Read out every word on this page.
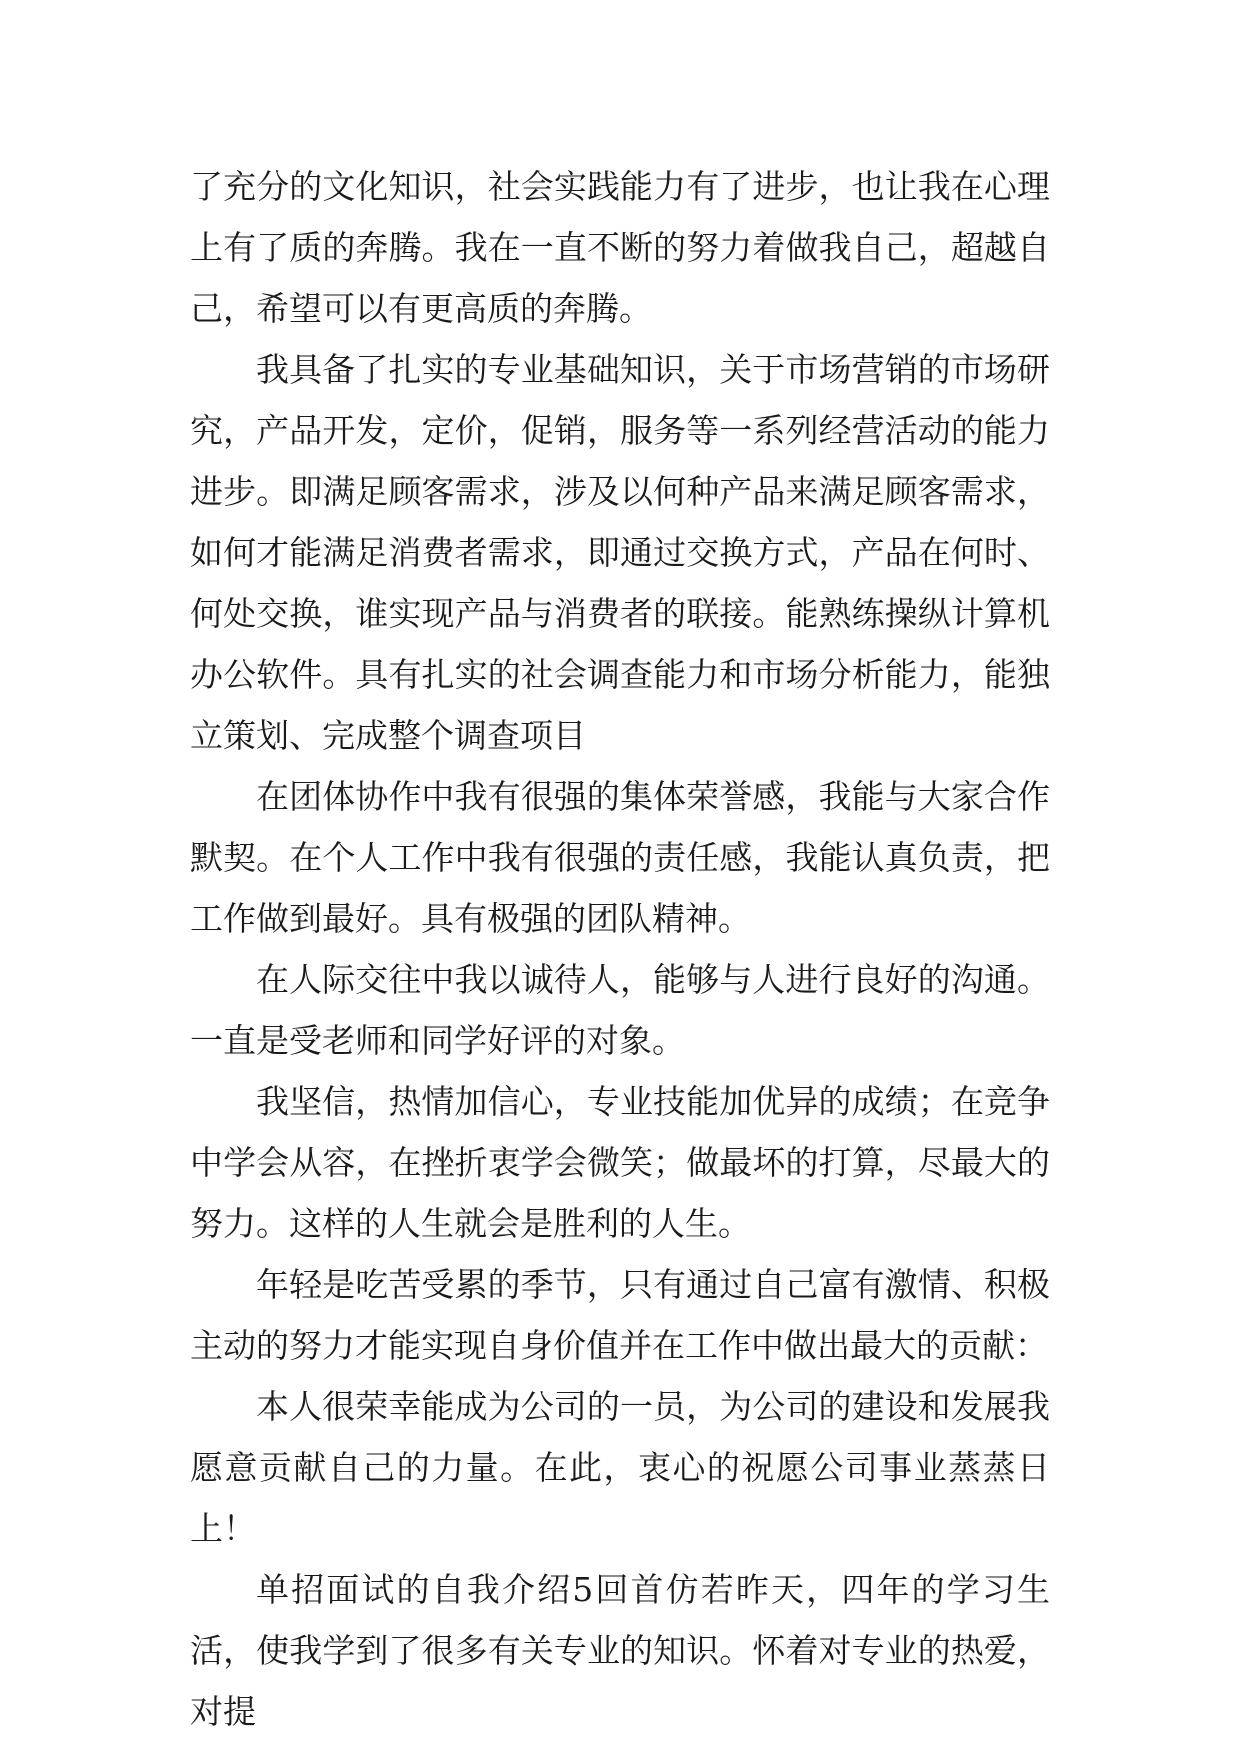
了充分的文化知识，社会实践能力有了进步，也让我在心理上有了质的奔腾。我在一直不断的努力着做我自己，超越自己，希望可以有更高质的奔腾。

我具备了扎实的专业基础知识，关于市场营销的市场研究，产品开发，定价，促销，服务等一系列经营活动的能力进步。即满足顾客需求，涉及以何种产品来满足顾客需求，如何才能满足消费者需求，即通过交换方式，产品在何时、何处交换，谁实现产品与消费者的联接。能熟练操纵计算机办公软件。具有扎实的社会调查能力和市场分析能力，能独立策划、完成整个调查项目

在团体协作中我有很强的集体荣誉感，我能与大家合作默契。在个人工作中我有很强的责任感，我能认真负责，把工作做到最好。具有极强的团队精神。

在人际交往中我以诚待人，能够与人进行良好的沟通。一直是受老师和同学好评的对象。

我坚信，热情加信心，专业技能加优异的成绩；在竞争中学会从容，在挫折衷学会微笑；做最坏的打算，尽最大的努力。这样的人生就会是胜利的人生。

年轻是吃苦受累的季节，只有通过自己富有激情、积极主动的努力才能实现自身价值并在工作中做出最大的贡献：

本人很荣幸能成为公司的一员，为公司的建设和发展我愿意贡献自己的力量。在此，衷心的祝愿公司事业蒸蒸日上！

单招面试的自我介绍5回首仿若昨天，四年的学习生活，使我学到了很多有关专业的知识。怀着对专业的热爱，对提
